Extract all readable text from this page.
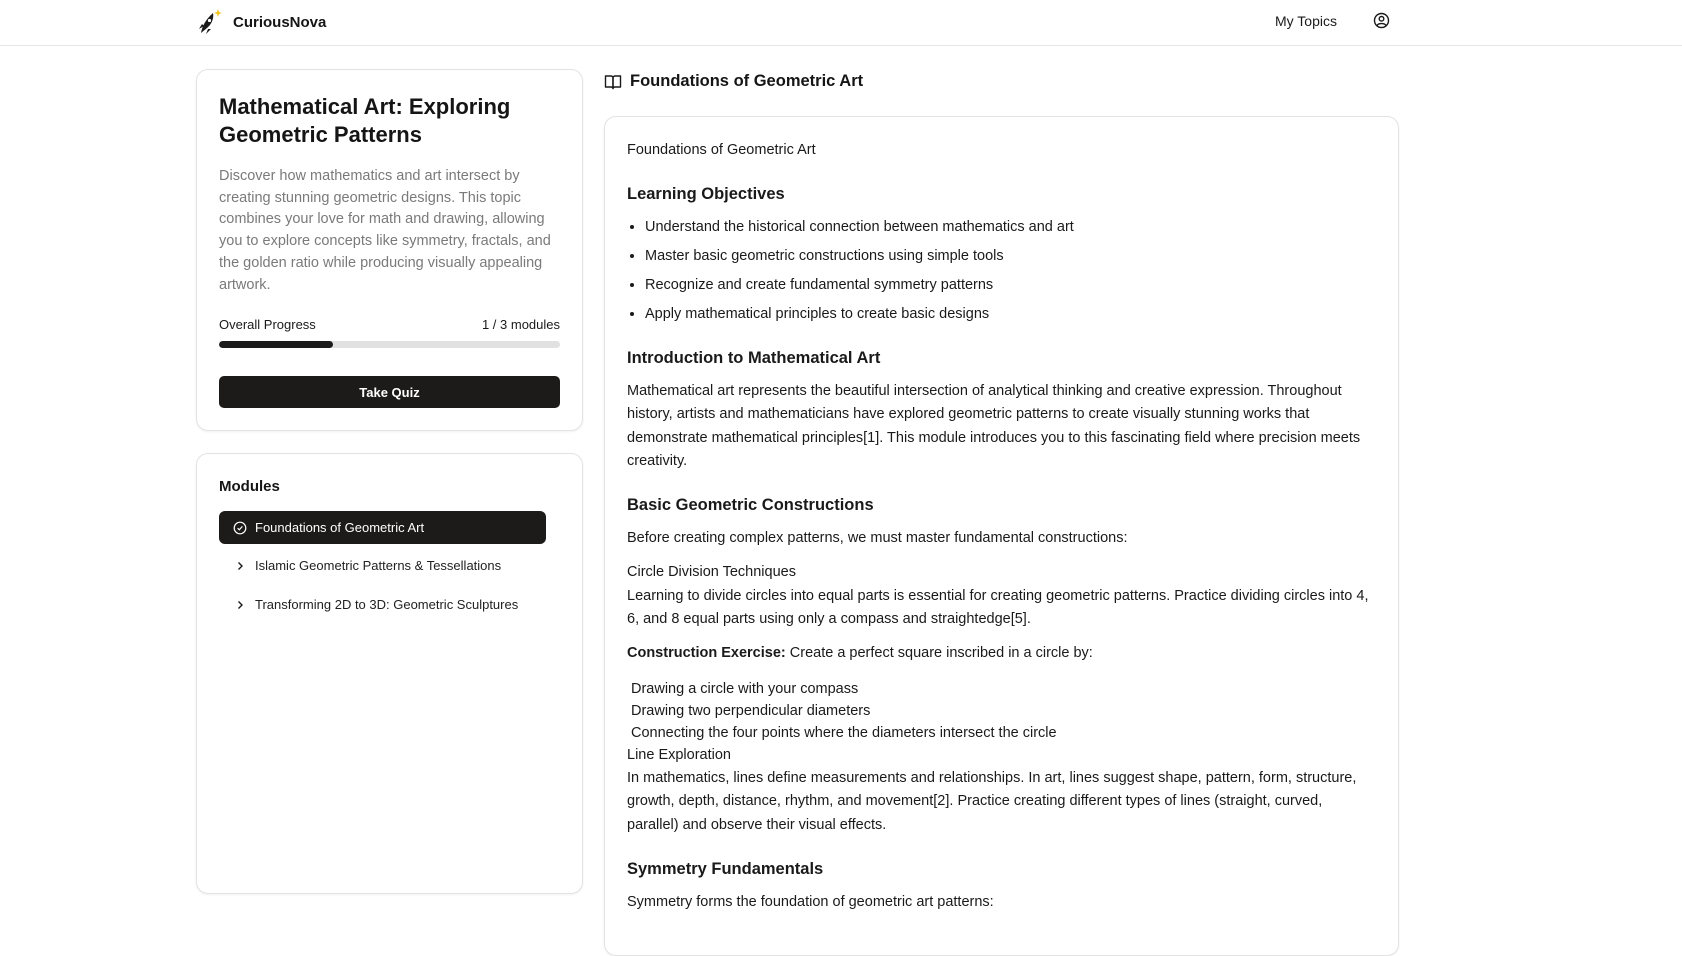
CuriousNova	My Topics
Mathematical Art: Exploring Geometric Patterns

Discover how mathematics and art intersect by creating stunning geometric designs. This topic combines your love for math and drawing, allowing you to explore concepts like symmetry, fractals, and the golden ratio while producing visually appealing artwork.

Overall Progress	1 / 3 modules
Take Quiz
Modules
Foundations of Geometric Art
Islamic Geometric Patterns & Tessellations
Transforming 2D to 3D: Geometric Sculptures
Foundations of Geometric Art

Foundations of Geometric Art

Learning Objectives
• Understand the historical connection between mathematics and art
• Master basic geometric constructions using simple tools
• Recognize and create fundamental symmetry patterns
• Apply mathematical principles to create basic designs
Introduction to Mathematical Art

Mathematical art represents the beautiful intersection of analytical thinking and creative expression. Throughout history, artists and mathematicians have explored geometric patterns to create visually stunning works that demonstrate mathematical principles[1]. This module introduces you to this fascinating field where precision meets creativity.

Basic Geometric Constructions

Before creating complex patterns, we must master fundamental constructions:

Circle Division Techniques

Learning to divide circles into equal parts is essential for creating geometric patterns. Practice dividing circles into 4, 6, and 8 equal parts using only a compass and straightedge[5].

Construction Exercise: Create a perfect square inscribed in a circle by:

Drawing a circle with your compass
Drawing two perpendicular diameters
Connecting the four points where the diameters intersect the circle

Line Exploration

In mathematics, lines define measurements and relationships. In art, lines suggest shape, pattern, form, structure, growth, depth, distance, rhythm, and movement[2]. Practice creating different types of lines (straight, curved, parallel) and observe their visual effects.

Symmetry Fundamentals

Symmetry forms the foundation of geometric art patterns:
